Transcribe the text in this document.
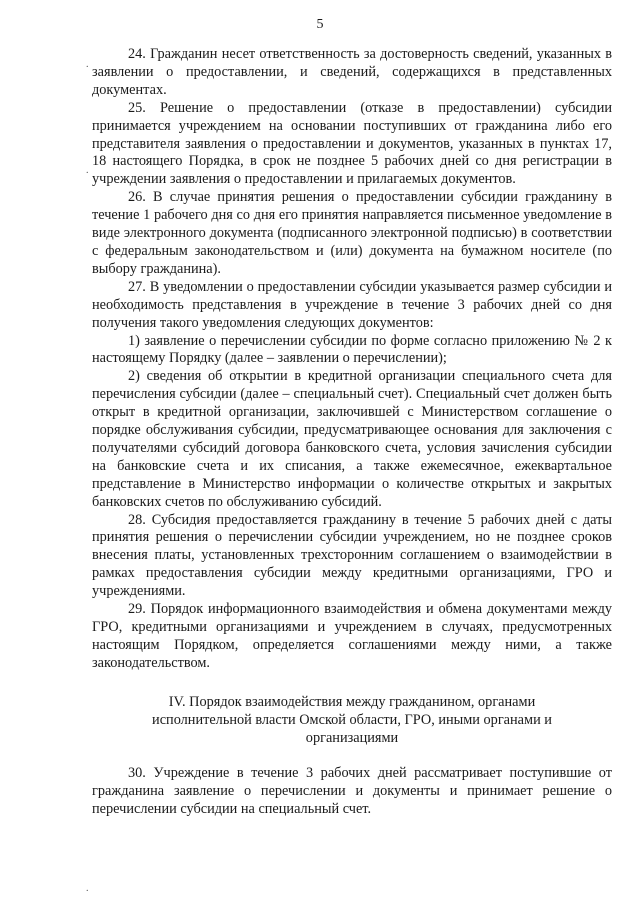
5
.
.
.

24. Гражданин несет ответственность за достоверность сведений, указанных в заявлении о предоставлении, и сведений, содержащихся в представленных документах.

25. Решение о предоставлении (отказе в предоставлении) субсидии принимается учреждением на основании поступивших от гражданина либо его представителя заявления о предоставлении и документов, указанных в пунктах 17, 18 настоящего Порядка, в срок не позднее 5 рабочих дней со дня регистрации в учреждении заявления о предоставлении и прилагаемых документов.

26. В случае принятия решения о предоставлении субсидии гражданину в течение 1 рабочего дня со дня его принятия направляется письменное уведомление в виде электронного документа (подписанного электронной подписью) в соответствии с федеральным законодательством и (или) документа на бумажном носителе (по выбору гражданина).

27. В уведомлении о предоставлении субсидии указывается размер субсидии и необходимость представления в учреждение в течение 3 рабочих дней со дня получения такого уведомления следующих документов:

1) заявление о перечислении субсидии по форме согласно приложению № 2 к настоящему Порядку (далее – заявлении о перечислении);

2) сведения об открытии в кредитной организации специального счета для перечисления субсидии (далее – специальный счет). Специальный счет должен быть открыт в кредитной организации, заключившей с Министерством соглашение о порядке обслуживания субсидии, предусматривающее основания для заключения с получателями субсидий договора банковского счета, условия зачисления субсидии на банковские счета и их списания, а также ежемесячное, ежеквартальное представление в Министерство информации о количестве открытых и закрытых банковских счетов по обслуживанию субсидий.

28. Субсидия предоставляется гражданину в течение 5 рабочих дней с даты принятия решения о перечислении субсидии учреждением, но не позднее сроков внесения платы, установленных трехсторонним соглашением о взаимодействии в рамках предоставления субсидии между кредитными организациями, ГРО и учреждениями.

29. Порядок информационного взаимодействия и обмена документами между ГРО, кредитными организациями и учреждением в случаях, предусмотренных настоящим Порядком, определяется соглашениями между ними, а также законодательством.

IV. Порядок взаимодействия между гражданином, органами
исполнительной власти Омской области, ГРО, иными органами и
организациями

30. Учреждение в течение 3 рабочих дней рассматривает поступившие от гражданина заявление о перечислении и документы и принимает решение о перечислении субсидии на специальный счет.
